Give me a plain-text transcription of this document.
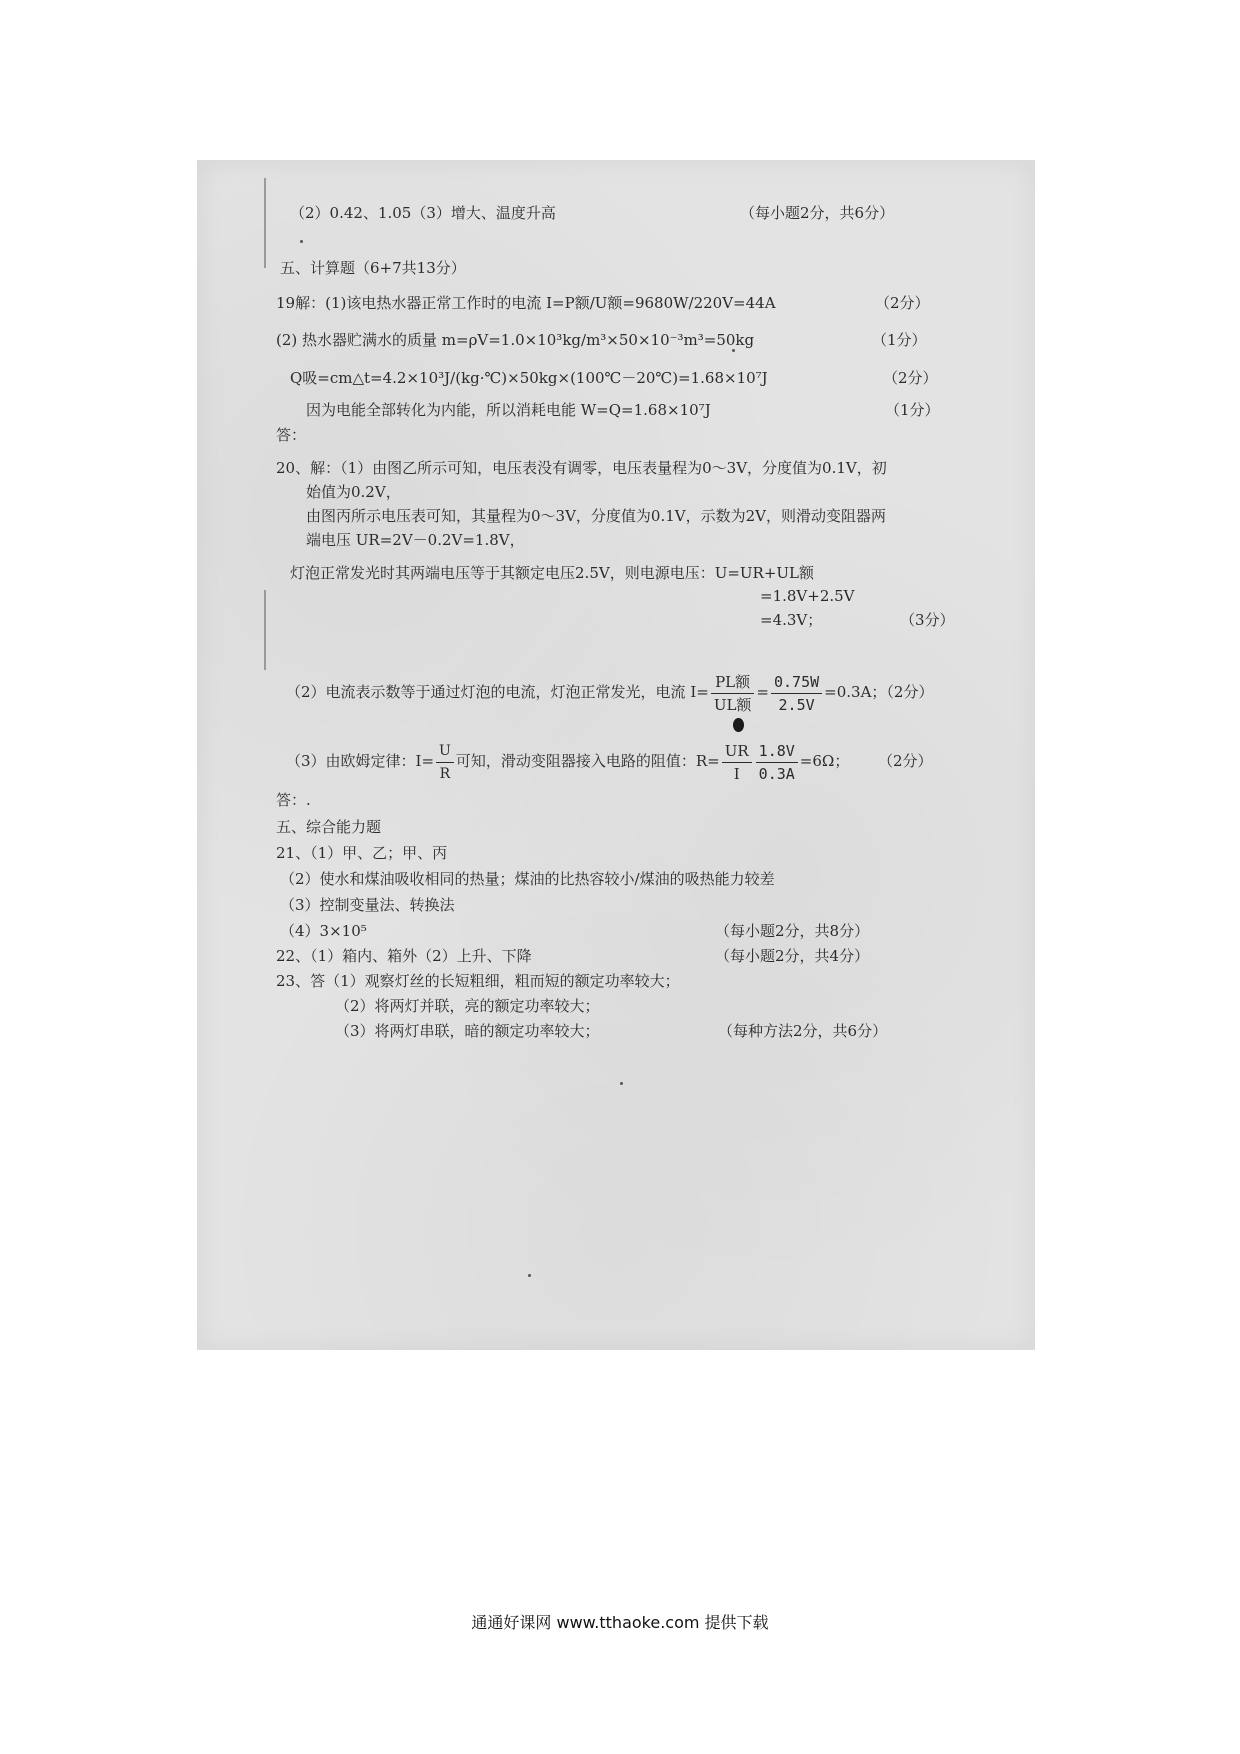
（2）0.42、1.05（3）增大、温度升高	（每小题2分，共6分）
五、计算题（6+7共13分）
19解：(1)该电热水器正常工作时的电流 I=P额/U额=9680W/220V=44A	（2分）
(2) 热水器贮满水的质量 m=ρV=1.0×10³kg/m³×50×10⁻³m³=50kg	（1分）
Q吸=cm△t=4.2×10³J/(kg·℃)×50kg×(100℃－20℃)=1.68×10⁷J	（2分）
因为电能全部转化为内能，所以消耗电能 W=Q=1.68×10⁷J	（1分）
答：
20、解：（1）由图乙所示可知，电压表没有调零，电压表量程为0～3V，分度值为0.1V，初
始值为0.2V，
由图丙所示电压表可知，其量程为0～3V，分度值为0.1V，示数为2V，则滑动变阻器两
端电压 UR=2V－0.2V=1.8V，
灯泡正常发光时其两端电压等于其额定电压2.5V，则电源电压：U=UR+UL额
=1.8V+2.5V
=4.3V；	（3分）
（2）电流表示数等于通过灯泡的电流，灯泡正常发光，电流 $I= \frac{\text{PL额}}{\text{UL额}} = \frac{0.75W}{2.5V} =0.3A$；（2分）
（3）由欧姆定律：$I= \frac{U}{R}$ 可知，滑动变阻器接入电路的阻值：$R= \frac{UR}{I} \frac{1.8V}{0.3A} =6\Omega$； （2分）
答：.
五、综合能力题
21、（1）甲、乙；甲、丙
（2）使水和煤油吸收相同的热量；煤油的比热容较小/煤油的吸热能力较差
（3）控制变量法、转换法
（4）3×10⁵	（每小题2分，共8分）
22、（1）箱内、箱外（2）上升、下降	（每小题2分，共4分）
23、答（1）观察灯丝的长短粗细，粗而短的额定功率较大；
（2）将两灯并联，亮的额定功率较大；
（3）将两灯串联，暗的额定功率较大；	（每种方法2分，共6分）
通通好课网 www.tthaoke.com 提供下载
